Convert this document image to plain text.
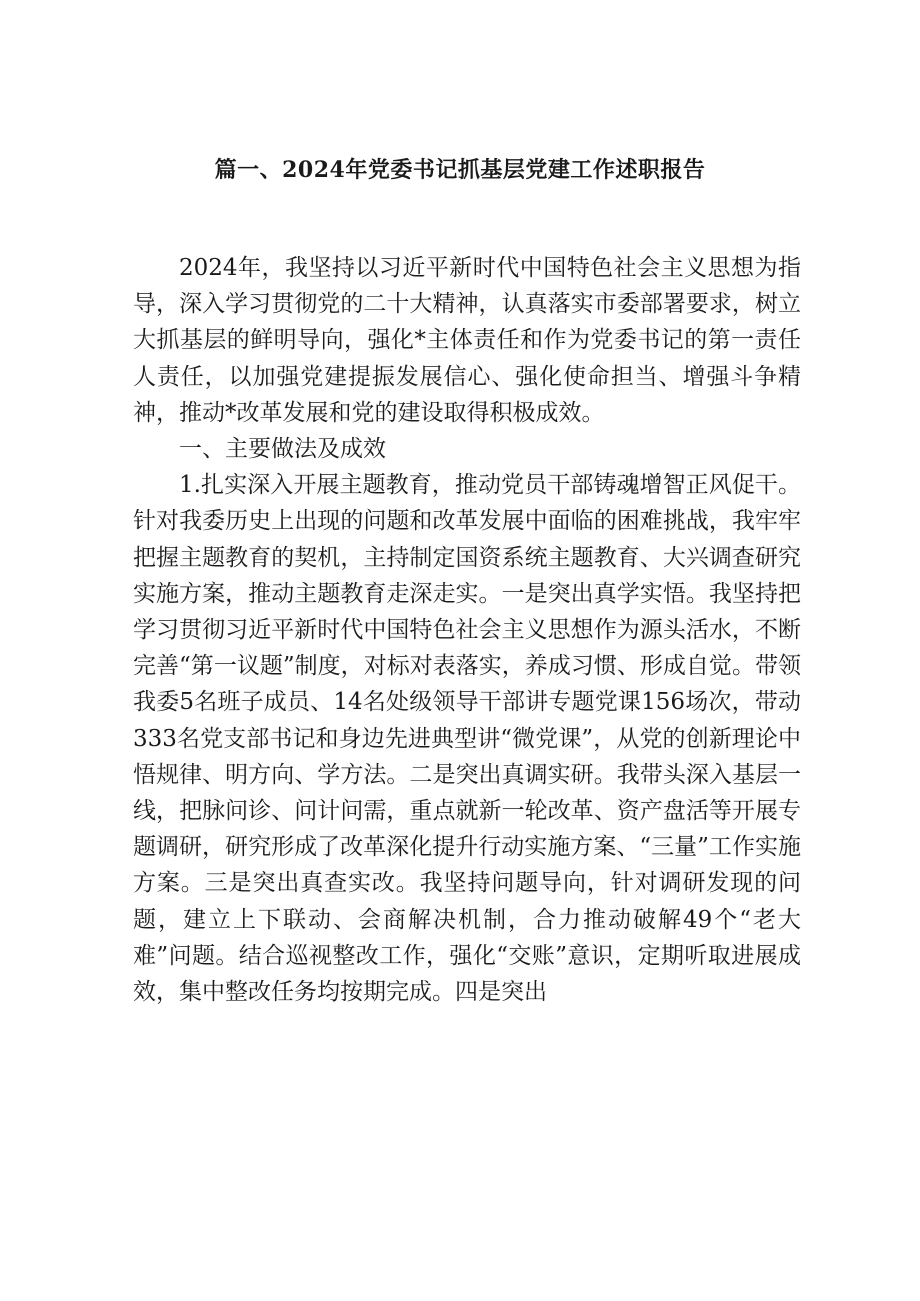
篇一、2024年党委书记抓基层党建工作述职报告

2024年，我坚持以习近平新时代中国特色社会主义思想为指导，深入学习贯彻党的二十大精神，认真落实市委部署要求，树立大抓基层的鲜明导向，强化*主体责任和作为党委书记的第一责任人责任，以加强党建提振发展信心、强化使命担当、增强斗争精神，推动*改革发展和党的建设取得积极成效。

一、主要做法及成效

1.扎实深入开展主题教育，推动党员干部铸魂增智正风促干。针对我委历史上出现的问题和改革发展中面临的困难挑战，我牢牢把握主题教育的契机，主持制定国资系统主题教育、大兴调查研究实施方案，推动主题教育走深走实。一是突出真学实悟。我坚持把学习贯彻习近平新时代中国特色社会主义思想作为源头活水，不断完善“第一议题”制度，对标对表落实，养成习惯、形成自觉。带领我委5名班子成员、14名处级领导干部讲专题党课156场次，带动333名党支部书记和身边先进典型讲“微党课”，从党的创新理论中悟规律、明方向、学方法。二是突出真调实研。我带头深入基层一线，把脉问诊、问计问需，重点就新一轮改革、资产盘活等开展专题调研，研究形成了改革深化提升行动实施方案、“三量”工作实施方案。三是突出真查实改。我坚持问题导向，针对调研发现的问题，建立上下联动、会商解决机制，合力推动破解49个“老大难”问题。结合巡视整改工作，强化“交账”意识，定期听取进展成效，集中整改任务均按期完成。四是突出
